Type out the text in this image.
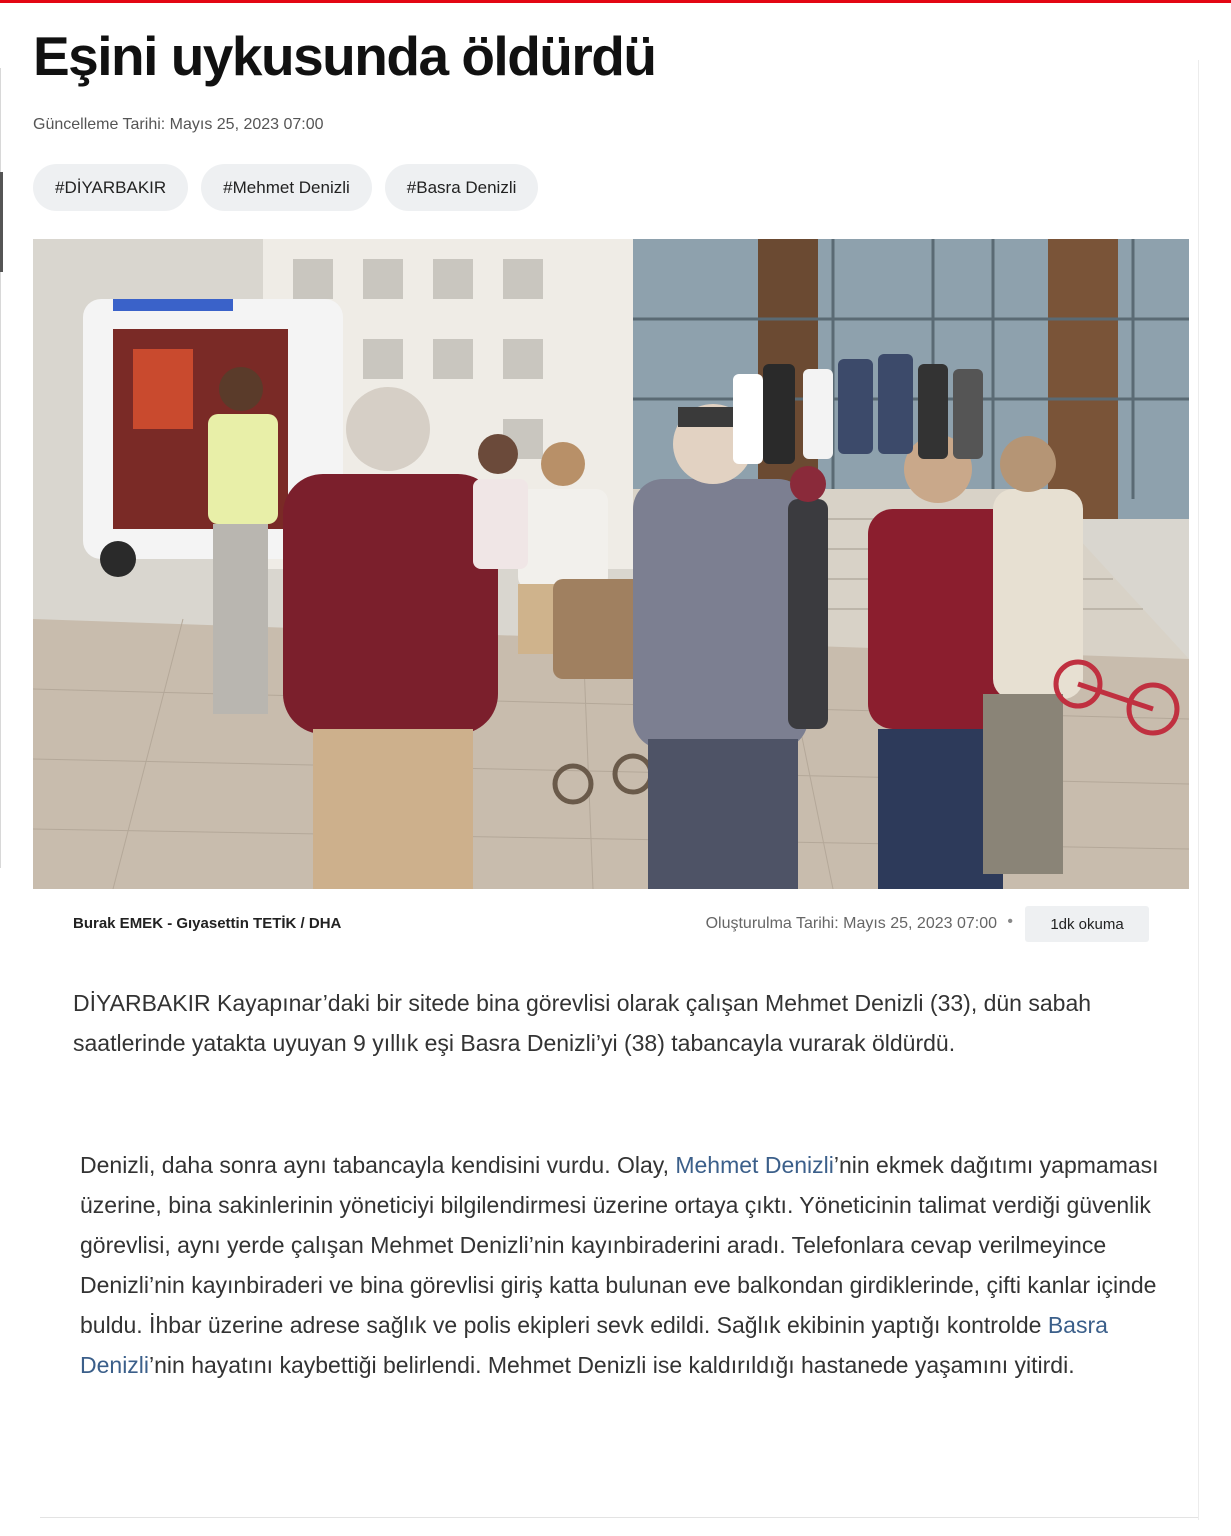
Eşini uykusunda öldürdü
Güncelleme Tarihi: Mayıs 25, 2023 07:00
#DİYARBAKIR	#Mehmet Denizli	#Basra Denizli
Burak EMEK - Gıyasettin TETİK / DHA	Oluşturulma Tarihi: Mayıs 25, 2023 07:00 •	1dk okuma

DİYARBAKIR Kayapınar’daki bir sitede bina görevlisi olarak çalışan Mehmet Denizli (33), dün sabah saatlerinde yatakta uyuyan 9 yıllık eşi Basra Denizli’yi (38) tabancayla vurarak öldürdü.

Denizli, daha sonra aynı tabancayla kendisini vurdu. Olay, Mehmet Denizli’nin ekmek dağıtımı yapmaması üzerine, bina sakinlerinin yöneticiyi bilgilendirmesi üzerine ortaya çıktı. Yöneticinin talimat verdiği güvenlik görevlisi, aynı yerde çalışan Mehmet Denizli’nin kayınbiraderini aradı. Telefonlara cevap verilmeyince Denizli’nin kayınbiraderi ve bina görevlisi giriş katta bulunan eve balkondan girdiklerinde, çifti kanlar içinde buldu. İhbar üzerine adrese sağlık ve polis ekipleri sevk edildi. Sağlık ekibinin yaptığı kontrolde Basra Denizli’nin hayatını kaybettiği belirlendi. Mehmet Denizli ise kaldırıldığı hastanede yaşamını yitirdi.
